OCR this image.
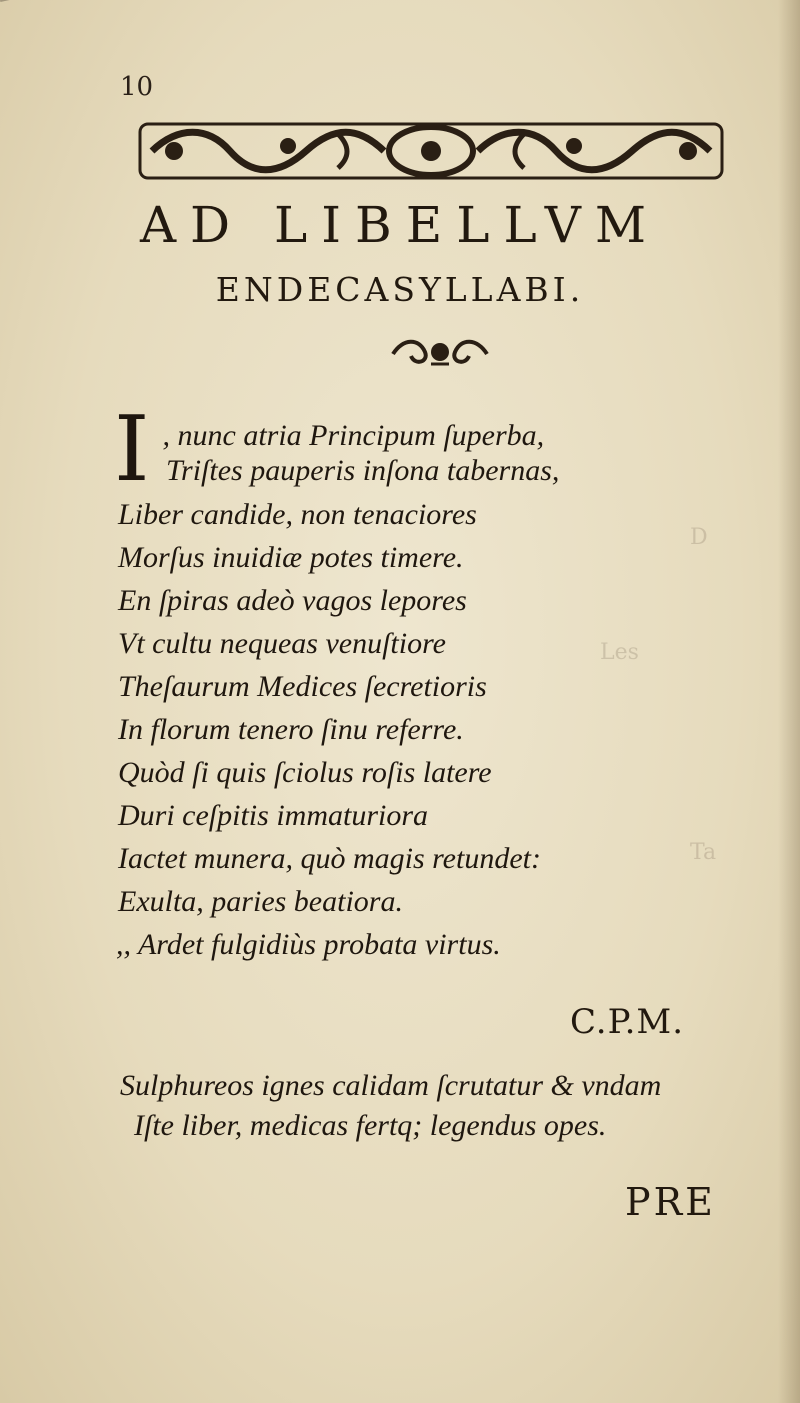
D
Les
Ta
10
AD LIBELLVM
ENDECASYLLABI.
I  , nunc atria Principum ſuperba,
Triſtes pauperis inſona tabernas,
Liber candide, non tenaciores
Morſus inuidiæ potes timere.
En ſpiras adeò vagos lepores
Vt cultu nequeas venuſtiore
Theſaurum Medices ſecretioris
In florum tenero ſinu referre.
Quòd ſi quis ſciolus roſis latere
Duri ceſpitis immaturiora
Iactet munera, quò magis retundet:
Exulta, paries beatiora.
,, Ardet fulgidiùs probata virtus.
C.P.M.
Sulphureos ignes calidam ſcrutatur & vndam
Iſte liber, medicas fertq; legendus opes.
PRE
